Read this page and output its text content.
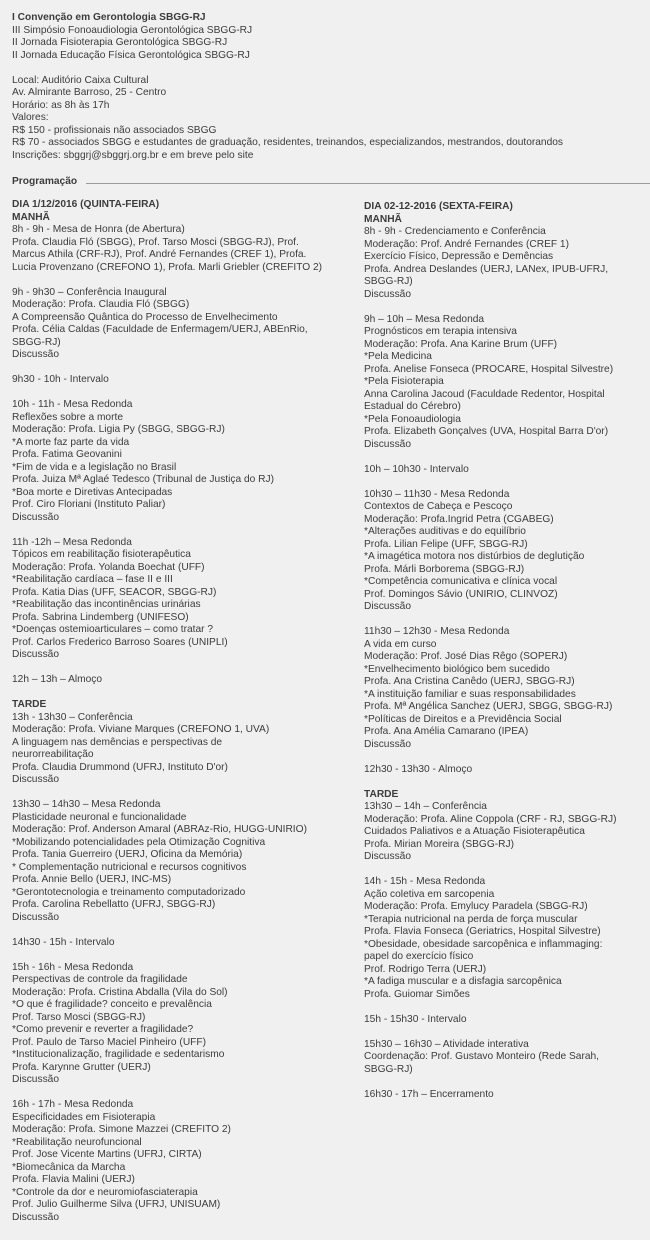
I Convenção em Gerontologia SBGG-RJ
III Simpósio Fonoaudiologia Gerontológica SBGG-RJ
II Jornada Fisioterapia Gerontológica SBGG-RJ
II Jornada Educação Física Gerontológica SBGG-RJ
Local: Auditório Caixa Cultural
Av. Almirante Barroso, 25 - Centro
Horário: as 8h às 17h
Valores:
R$ 150 - profissionais não associados SBGG
R$ 70 - associados SBGG e estudantes de graduação, residentes, treinandos, especializandos, mestrandos, doutorandos
Inscrições: sbggrj@sbggrj.org.br e em breve pelo site
Programação
DIA 1/12/2016 (QUINTA-FEIRA)
MANHÃ
8h - 9h - Mesa de Honra (de Abertura)
Profa. Claudia Fló (SBGG), Prof. Tarso Mosci (SBGG-RJ), Prof.
Marcus Athila (CRF-RJ), Prof. André Fernandes (CREF 1), Profa.
Lucia Provenzano (CREFONO 1), Profa. Marli Griebler (CREFITO 2)
9h - 9h30 – Conferência Inaugural
Moderação: Profa. Claudia Fló (SBGG)
A Compreensão Quântica do Processo de Envelhecimento
Profa. Célia Caldas (Faculdade de Enfermagem/UERJ, ABEnRio,
SBGG-RJ)
Discussão
9h30 - 10h - Intervalo
10h - 11h - Mesa Redonda
Reflexões sobre a morte
Moderação: Profa. Ligia Py (SBGG, SBGG-RJ)
*A morte faz parte da vida
Profa. Fatima Geovanini
*Fim de vida e a legislação no Brasil
Profa. Juiza Mª Aglaé Tedesco (Tribunal de Justiça do RJ)
*Boa morte e Diretivas Antecipadas
Prof. Ciro Floriani (Instituto Paliar)
Discussão
11h -12h – Mesa Redonda
Tópicos em reabilitação fisioterapêutica
Moderação: Profa. Yolanda Boechat (UFF)
*Reabilitação cardíaca – fase II e III
Profa. Katia Dias (UFF, SEACOR, SBGG-RJ)
*Reabilitação das incontinências urinárias
Profa. Sabrina Lindemberg (UNIFESO)
*Doenças ostemioarticulares – como tratar ?
Prof. Carlos Frederico Barroso Soares (UNIPLI)
Discussão
12h – 13h – Almoço
TARDE
13h - 13h30 – Conferência
Moderação: Profa. Viviane Marques (CREFONO 1, UVA)
A linguagem nas demências e perspectivas de
neurorreabilitação
Profa. Claudia Drummond (UFRJ, Instituto D'or)
Discussão
13h30 – 14h30 – Mesa Redonda
Plasticidade neuronal e funcionalidade
Moderação: Prof. Anderson Amaral (ABRAz-Rio, HUGG-UNIRIO)
*Mobilizando potencialidades pela Otimização Cognitiva
Profa. Tania Guerreiro (UERJ, Oficina da Memória)
* Complementação nutricional e recursos cognitivos
Profa. Annie Bello (UERJ, INC-MS)
*Gerontotecnologia e treinamento computadorizado
Profa. Carolina Rebellatto (UFRJ, SBGG-RJ)
Discussão
14h30 - 15h - Intervalo
15h - 16h - Mesa Redonda
Perspectivas de controle da fragilidade
Moderação: Profa. Cristina Abdalla (Vila do Sol)
*O que é fragilidade? conceito e prevalência
Prof. Tarso Mosci (SBGG-RJ)
*Como prevenir e reverter a fragilidade?
Prof. Paulo de Tarso Maciel Pinheiro (UFF)
*Institucionalização, fragilidade e sedentarismo
Profa. Karynne Grutter (UERJ)
Discussão
16h - 17h - Mesa Redonda
Especificidades em Fisioterapia
Moderação: Profa. Simone Mazzei (CREFITO 2)
*Reabilitação neurofuncional
Prof. Jose Vicente Martins (UFRJ, CIRTA)
*Biomecânica da Marcha
Profa. Flavia Malini (UERJ)
*Controle da dor e neuromiofasciaterapia
Prof. Julio Guilherme Silva (UFRJ, UNISUAM)
Discussão
DIA 02-12-2016 (SEXTA-FEIRA)
MANHÃ
8h - 9h - Credenciamento e Conferência
Moderação: Prof. André Fernandes (CREF 1)
Exercício Físico, Depressão e Demências
Profa. Andrea Deslandes (UERJ, LANex, IPUB-UFRJ,
SBGG-RJ)
Discussão
9h – 10h – Mesa Redonda
Prognósticos em terapia intensiva
Moderação: Profa. Ana Karine Brum (UFF)
*Pela Medicina
Profa. Anelise Fonseca (PROCARE, Hospital Silvestre)
*Pela Fisioterapia
Anna Carolina Jacoud (Faculdade Redentor, Hospital
Estadual do Cérebro)
*Pela Fonoaudiologia
Profa. Elizabeth Gonçalves (UVA, Hospital Barra D'or)
Discussão
10h – 10h30 - Intervalo
10h30 – 11h30 - Mesa Redonda
Contextos de Cabeça e Pescoço
Moderação: Profa.Ingrid Petra (CGABEG)
*Alterações auditivas e do equilíbrio
Profa. Lilian Felipe (UFF, SBGG-RJ)
*A imagética motora nos distúrbios de deglutição
Profa. Márli Borborema (SBGG-RJ)
*Competência comunicativa e clínica vocal
Prof. Domingos Sávio (UNIRIO, CLINVOZ)
Discussão
11h30 – 12h30 - Mesa Redonda
A vida em curso
Moderação: Prof. José Dias Rêgo (SOPERJ)
*Envelhecimento biológico bem sucedido
Profa. Ana Cristina Canêdo (UERJ, SBGG-RJ)
*A instituição familiar e suas responsabilidades
Profa. Mª Angélica Sanchez (UERJ, SBGG, SBGG-RJ)
*Políticas de Direitos e a Previdência Social
Profa. Ana Amélia Camarano (IPEA)
Discussão
12h30 - 13h30 - Almoço
TARDE
13h30 – 14h – Conferência
Moderação: Profa. Aline Coppola (CRF - RJ, SBGG-RJ)
Cuidados Paliativos e a Atuação Fisioterapêutica
Profa. Mirian Moreira (SBGG-RJ)
Discussão
14h - 15h - Mesa Redonda
Ação coletiva em sarcopenia
Moderação: Profa. Emylucy Paradela (SBGG-RJ)
*Terapia nutricional na perda de força muscular
Profa. Flavia Fonseca (Geriatrics, Hospital Silvestre)
*Obesidade, obesidade sarcopênica e inflammaging:
papel do exercício físico
Prof. Rodrigo Terra (UERJ)
*A fadiga muscular e a disfagia sarcopênica
Profa. Guiomar Simões
15h - 15h30 - Intervalo
15h30 – 16h30 – Atividade interativa
Coordenação: Prof. Gustavo Monteiro (Rede Sarah,
SBGG-RJ)
16h30 - 17h – Encerramento
